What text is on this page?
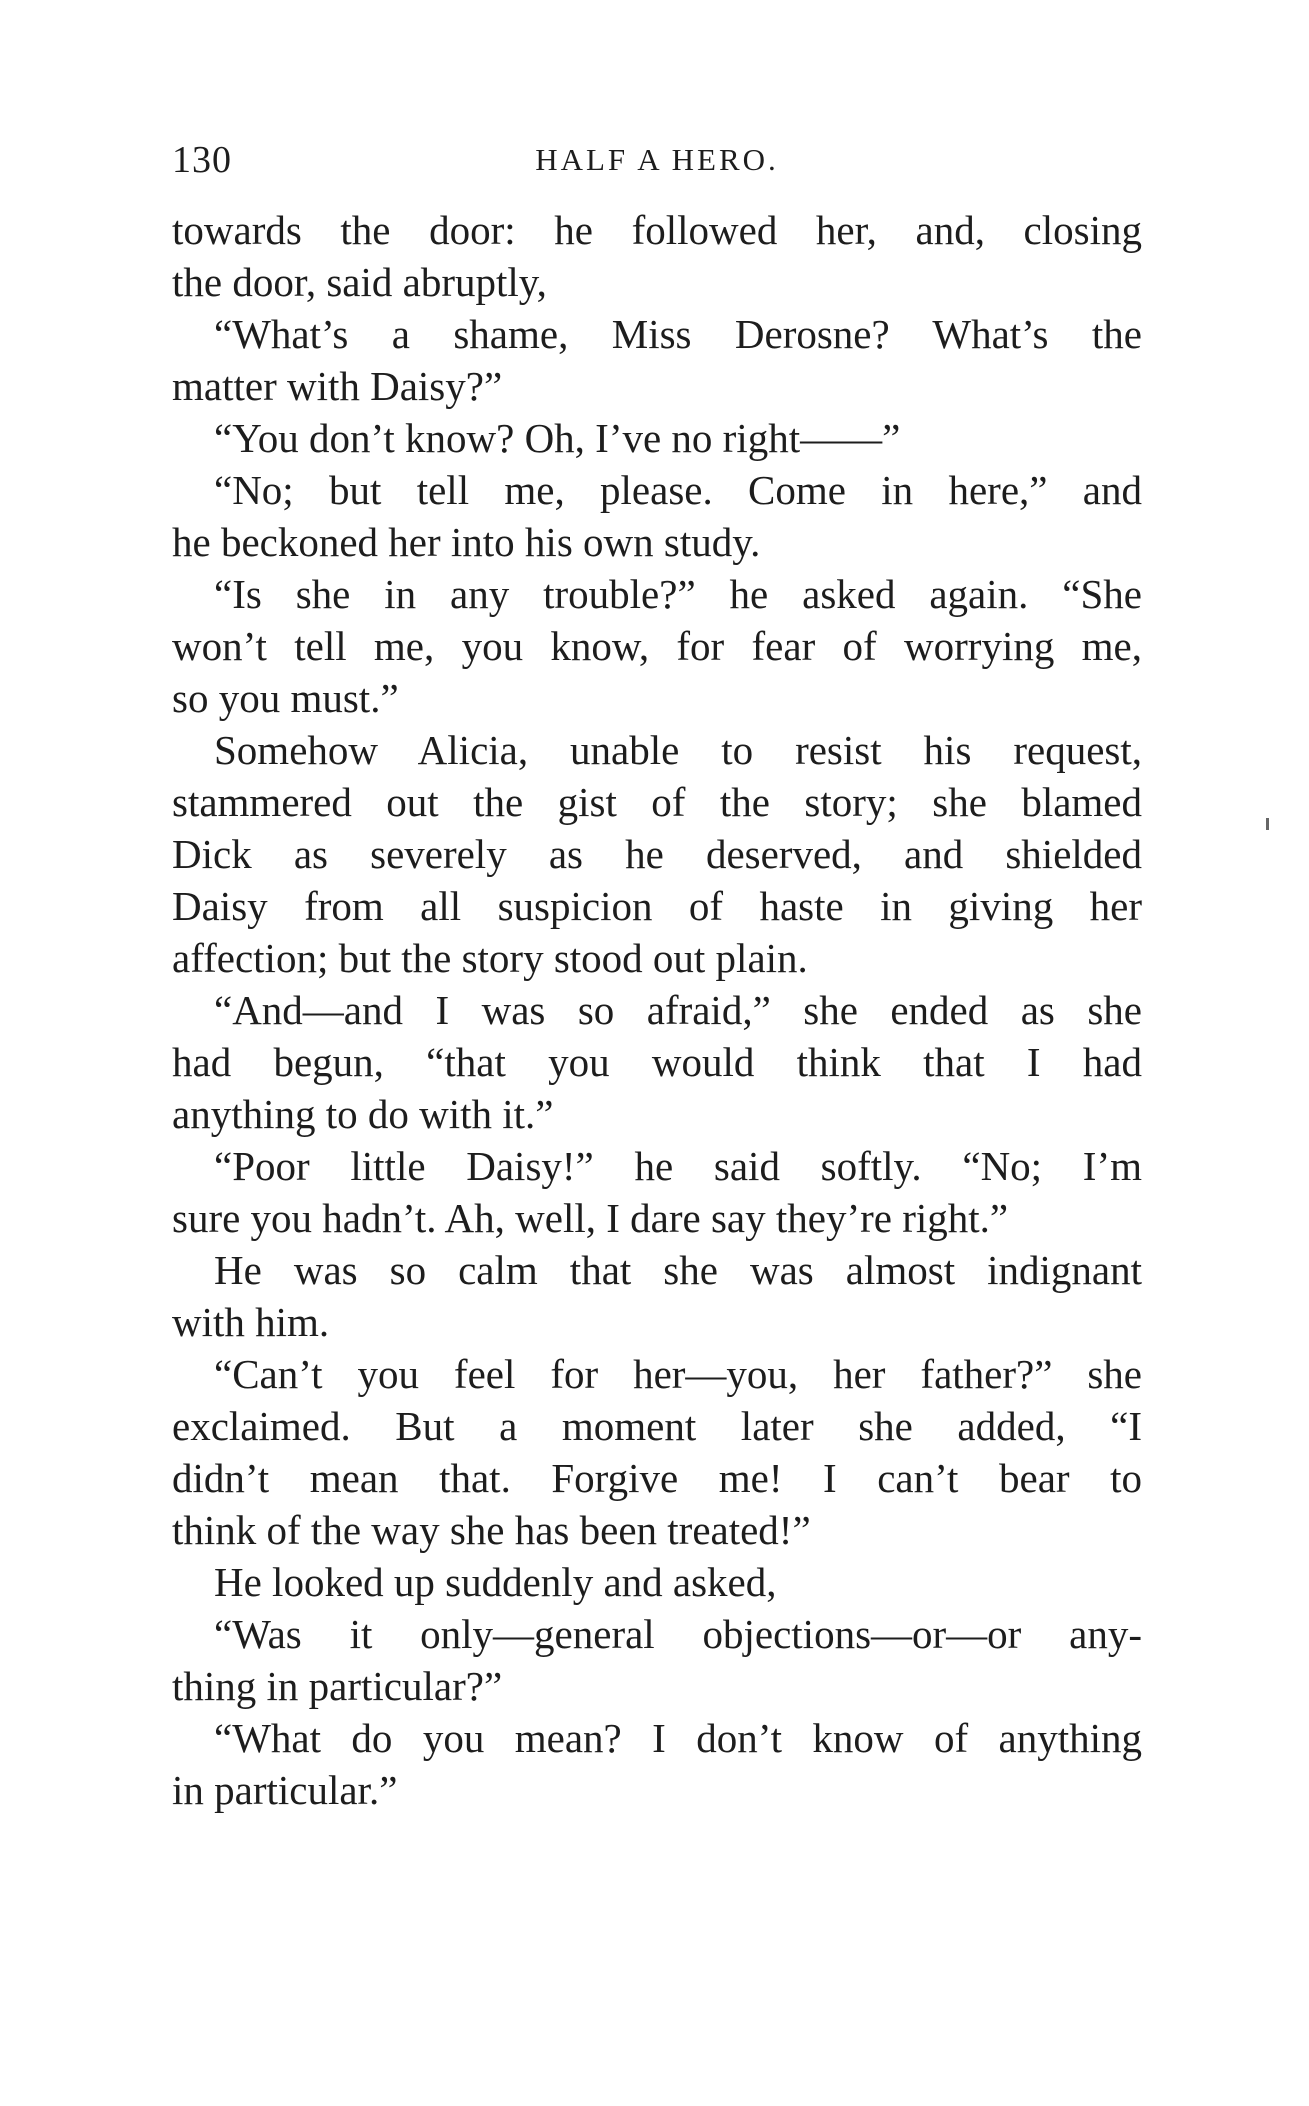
130	HALF A HERO.
towards the door: he followed her, and, closing
the door, said abruptly,
“What’s a shame, Miss Derosne? What’s the
matter with Daisy?”
“You don’t know? Oh, I’ve no right——”
“No; but tell me, please. Come in here,” and
he beckoned her into his own study.
“Is she in any trouble?” he asked again. “She
won’t tell me, you know, for fear of worrying me,
so you must.”
Somehow Alicia, unable to resist his request,
stammered out the gist of the story; she blamed
Dick as severely as he deserved, and shielded
Daisy from all suspicion of haste in giving her
affection; but the story stood out plain.
“And—and I was so afraid,” she ended as she
had begun, “that you would think that I had
anything to do with it.”
“Poor little Daisy!” he said softly. “No; I’m
sure you hadn’t. Ah, well, I dare say they’re right.”
He was so calm that she was almost indignant
with him.
“Can’t you feel for her—you, her father?” she
exclaimed. But a moment later she added, “I
didn’t mean that. Forgive me! I can’t bear to
think of the way she has been treated!”
He looked up suddenly and asked,
“Was it only—general objections—or—or any-
thing in particular?”
“What do you mean? I don’t know of anything
in particular.”
